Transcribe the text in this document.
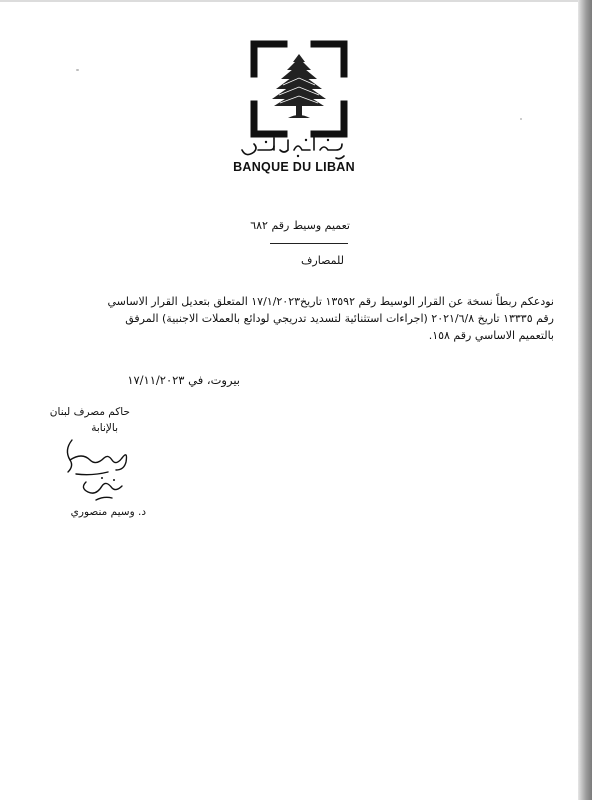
BANQUE DU LIBAN
تعميم وسيط رقم ٦٨٢
للمصارف
نودعكم ربطاً نسخة عن القرار الوسيط رقم ١٣٥٩٢ تاريخ١٧/١/٢٠٢٣ المتعلق بتعديل القرار الاساسي
رقم ١٣٣٣٥ تاريخ ٢٠٢١/٦/٨ (اجراءات استثنائية لتسديد تدريجي لودائع بالعملات الاجنبية) المرفق
بالتعميم الاساسي رقم ١٥٨.
بيروت، في ١٧/١١/٢٠٢٣
حاكم مصرف لبنان
بالإنابة
د. وسيم منصوري
